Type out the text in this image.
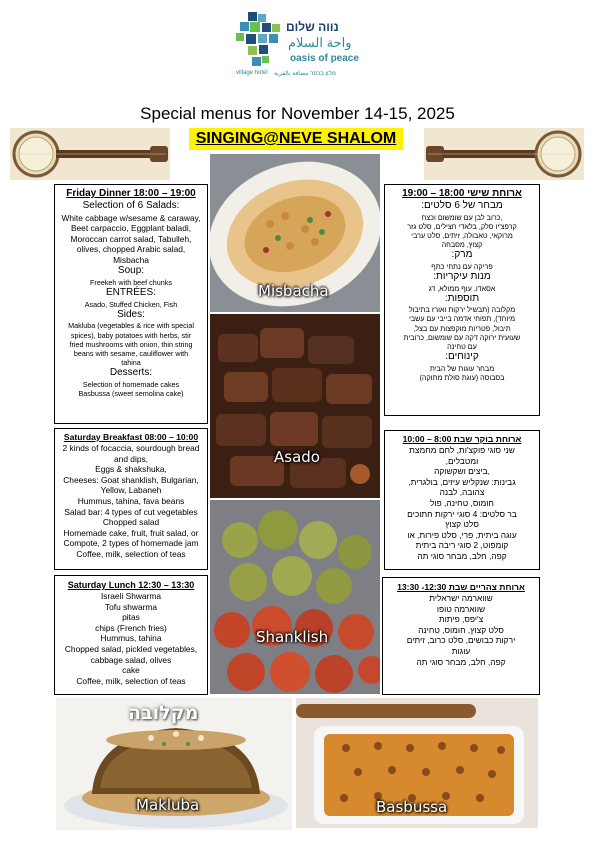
נווה שלום
واحة السلام
oasis of peace
village hotel מלון בכפר مضافة بالقرية
Special menus for November 14-15, 2025
SINGING@NEVE SHALOM
Friday Dinner 18:00 – 19:00
Selection of 6 Salads:
White cabbage w/sesame & caraway,
Beet carpaccio, Eggplant baladi,
Moroccan carrot salad, Tabulleh,
olives, chopped Arabic salad,
Misbacha
Soup:
Freekeh with beef chunks
ENTRÉES:
Asado, Stuffed Chicken, Fish
Sides:
Makluba (vegetables & rice with special
spices), baby potatoes with herbs, stir
fried mushrooms with onion, thin string
beans with sesame, cauliflower with
tahina
Desserts:
Selection of homemade cakes
Basbussa (sweet semolina cake)
ארוחת שישי 18:00 – 19:00
מבחר של 6 סלטים:
,כרוב לבן עם שומשום וכצח
קרפצ'יו סלק, בלאדי חצילים, סלט גזר
מרוקאי, טאבולה, זיתים, סלט ערבי
קצוץ, מסבחה
מרק:
פריקה עם נתחי כתף
מנות עיקריות:
אסאדו, עוף ממולא, דג
תוספות:
מקלובה (תבשיל ירקות ואורז בתיבול
מיוחד), תפוחי אדמה בייבי עם עשבי
תיבול, פטריות מוקפצות עם בצל,
שעועית ירוקה דקה עם שומשום, כרובית
עם טחינה
קינוחים:
מבחר עוגות של הבית
בסבוסה (עוגת סולת מתוקה)
Saturday Breakfast 08:00 – 10:00
2 kinds of focaccia, sourdough bread
and dips,
Eggs & shakshuka,
Cheeses: Goat shanklish, Bulgarian,
Yellow, Labaneh
Hummus, tahina, fava beans
Salad bar: 4 types of cut vegetables
Chopped salad
Homemade cake, fruit, fruit salad, or
Compote, 2 types of homemade jam
Coffee, milk, selection of teas
ארוחת בוקר שבת 8:00 – 10:00
שני סוגי פוקצ'ות, לחם מחמצת
ומטבלים,
,ביצים ושקשוקה
גבינות: שנקליש עיזים, בולגרית,
צהובה, לבנה
חומוס, טחינה, פול
בר סלטים: 4 סוגי ירקות חתוכים
סלט קצוץ
עוגה ביתית, פרי, סלט פירות, או
קומפוט, 2 סוגי ריבה ביתית
קפה, חלב, מבחר סוגי תה
Saturday Lunch 12:30 – 13:30
Israeli Shwarma
Tofu shwarma
pitas
chips (French fries)
Hummus, tahina
Chopped salad, pickled vegetables,
cabbage salad, olives
cake
Coffee, milk, selection of teas
ארוחת צהריים שבת 12:30- 13:30
שווארמה ישראלית
שווארמה טופו
צ'יפס, פיתות
סלט קצוץ, חומוס, טחינה
ירקות כבושים, סלט כרוב, זיתים
עוגות
קפה, חלב, מבחר סוגי תה
Misbacha
Asado
Shanklish
מקלובה
Makluba	Basbussa
